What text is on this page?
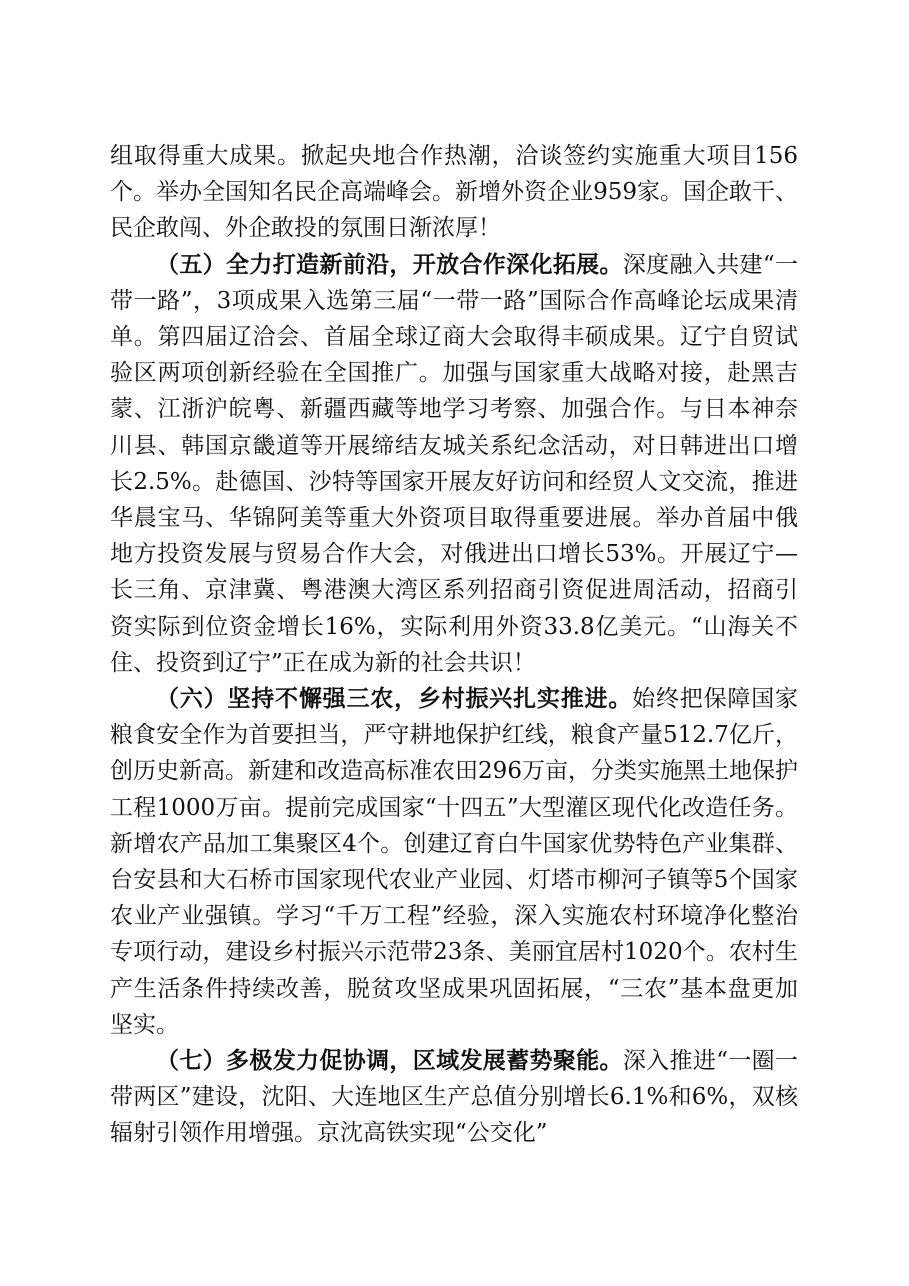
组取得重大成果。掀起央地合作热潮，洽谈签约实施重大项目156个。举办全国知名民企高端峰会。新增外资企业959家。国企敢干、民企敢闯、外企敢投的氛围日渐浓厚！

（五）全力打造新前沿，开放合作深化拓展。深度融入共建“一带一路”，3项成果入选第三届“一带一路”国际合作高峰论坛成果清单。第四届辽洽会、首届全球辽商大会取得丰硕成果。辽宁自贸试验区两项创新经验在全国推广。加强与国家重大战略对接，赴黑吉蒙、江浙沪皖粤、新疆西藏等地学习考察、加强合作。与日本神奈川县、韩国京畿道等开展缔结友城关系纪念活动，对日韩进出口增长2.5%。赴德国、沙特等国家开展友好访问和经贸人文交流，推进华晨宝马、华锦阿美等重大外资项目取得重要进展。举办首届中俄地方投资发展与贸易合作大会，对俄进出口增长53%。开展辽宁—长三角、京津冀、粤港澳大湾区系列招商引资促进周活动，招商引资实际到位资金增长16%，实际利用外资33.8亿美元。“山海关不住、投资到辽宁”正在成为新的社会共识！

（六）坚持不懈强三农，乡村振兴扎实推进。始终把保障国家粮食安全作为首要担当，严守耕地保护红线，粮食产量512.7亿斤，创历史新高。新建和改造高标准农田296万亩，分类实施黑土地保护工程1000万亩。提前完成国家“十四五”大型灌区现代化改造任务。新增农产品加工集聚区4个。创建辽育白牛国家优势特色产业集群、台安县和大石桥市国家现代农业产业园、灯塔市柳河子镇等5个国家农业产业强镇。学习“千万工程”经验，深入实施农村环境净化整治专项行动，建设乡村振兴示范带23条、美丽宜居村1020个。农村生产生活条件持续改善，脱贫攻坚成果巩固拓展，“三农”基本盘更加坚实。

（七）多极发力促协调，区域发展蓄势聚能。深入推进“一圈一带两区”建设，沈阳、大连地区生产总值分别增长6.1%和6%，双核辐射引领作用增强。京沈高铁实现“公交化”
